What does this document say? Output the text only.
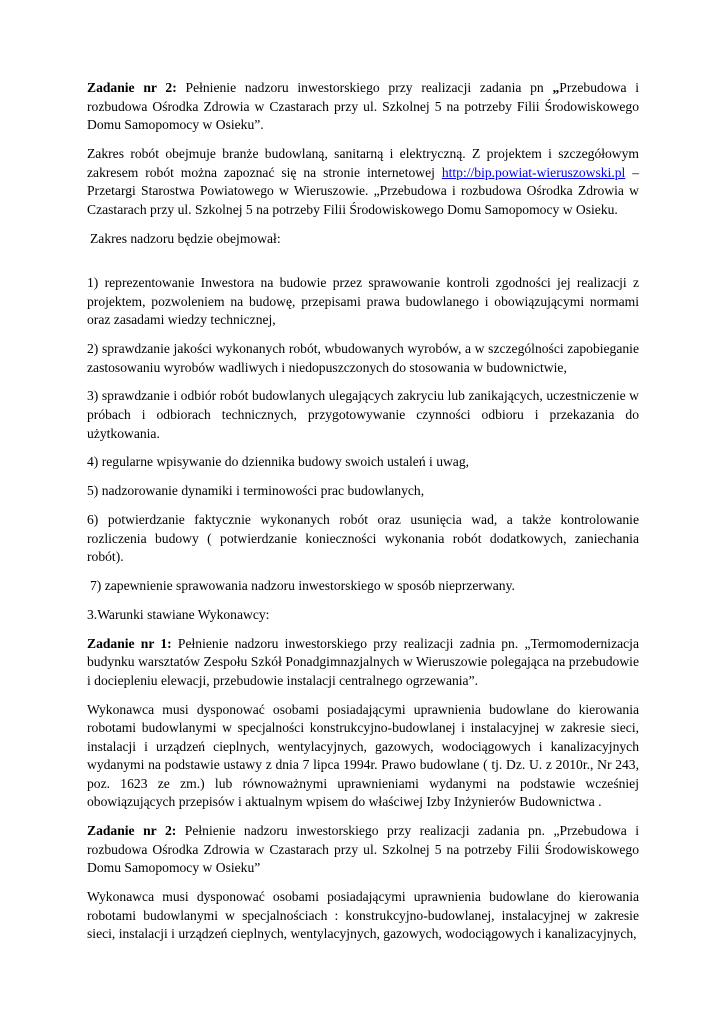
Zadanie nr 2: Pełnienie nadzoru inwestorskiego przy realizacji zadania pn „Przebudowa i rozbudowa Ośrodka Zdrowia w Czastarach przy ul. Szkolnej 5 na potrzeby Filii Środowiskowego Domu Samopomocy w Osieku”.

Zakres robót obejmuje branże budowlaną, sanitarną i elektryczną. Z projektem i szczegółowym zakresem robót można zapoznać się na stronie internetowej http://bip.powiat-wieruszowski.pl – Przetargi Starostwa Powiatowego w Wieruszowie. „Przebudowa i rozbudowa Ośrodka Zdrowia w Czastarach przy ul. Szkolnej 5 na potrzeby Filii Środowiskowego Domu Samopomocy w Osieku.

Zakres nadzoru będzie obejmował:

1) reprezentowanie Inwestora na budowie przez sprawowanie kontroli zgodności jej realizacji z projektem, pozwoleniem na budowę, przepisami prawa budowlanego i obowiązującymi normami oraz zasadami wiedzy technicznej,

2) sprawdzanie jakości wykonanych robót, wbudowanych wyrobów, a w szczególności zapobieganie zastosowaniu wyrobów wadliwych i niedopuszczonych do stosowania w budownictwie,

3) sprawdzanie i odbiór robót budowlanych ulegających zakryciu lub zanikających, uczestniczenie w próbach i odbiorach technicznych, przygotowywanie czynności odbioru i przekazania do użytkowania.

4) regularne wpisywanie do dziennika budowy swoich ustaleń i uwag,

5) nadzorowanie dynamiki i terminowości prac budowlanych,

6) potwierdzanie faktycznie wykonanych robót oraz usunięcia wad, a także kontrolowanie rozliczenia budowy ( potwierdzanie konieczności wykonania robót dodatkowych, zaniechania robót).

7) zapewnienie sprawowania nadzoru inwestorskiego w sposób nieprzerwany.

3.Warunki stawiane Wykonawcy:

Zadanie nr 1: Pełnienie nadzoru inwestorskiego przy realizacji zadnia pn. „Termomodernizacja budynku warsztatów Zespołu Szkół Ponadgimnazjalnych w Wieruszowie polegająca na przebudowie i dociepleniu elewacji, przebudowie instalacji centralnego ogrzewania”.

Wykonawca musi dysponować osobami posiadającymi uprawnienia budowlane do kierowania robotami budowlanymi w specjalności konstrukcyjno-budowlanej i instalacyjnej w zakresie sieci, instalacji i urządzeń cieplnych, wentylacyjnych, gazowych, wodociągowych i kanalizacyjnych wydanymi na podstawie ustawy z dnia 7 lipca 1994r. Prawo budowlane ( tj. Dz. U. z 2010r., Nr 243, poz. 1623 ze zm.) lub równoważnymi uprawnieniami wydanymi na podstawie wcześniej obowiązujących przepisów i aktualnym wpisem do właściwej Izby Inżynierów Budownictwa .

Zadanie nr 2: Pełnienie nadzoru inwestorskiego przy realizacji zadania pn. „Przebudowa i rozbudowa Ośrodka Zdrowia w Czastarach przy ul. Szkolnej 5 na potrzeby Filii Środowiskowego Domu Samopomocy w Osieku”

Wykonawca musi dysponować osobami posiadającymi uprawnienia budowlane do kierowania robotami budowlanymi w specjalnościach : konstrukcyjno-budowlanej, instalacyjnej w zakresie sieci, instalacji i urządzeń cieplnych, wentylacyjnych, gazowych, wodociągowych i kanalizacyjnych,
